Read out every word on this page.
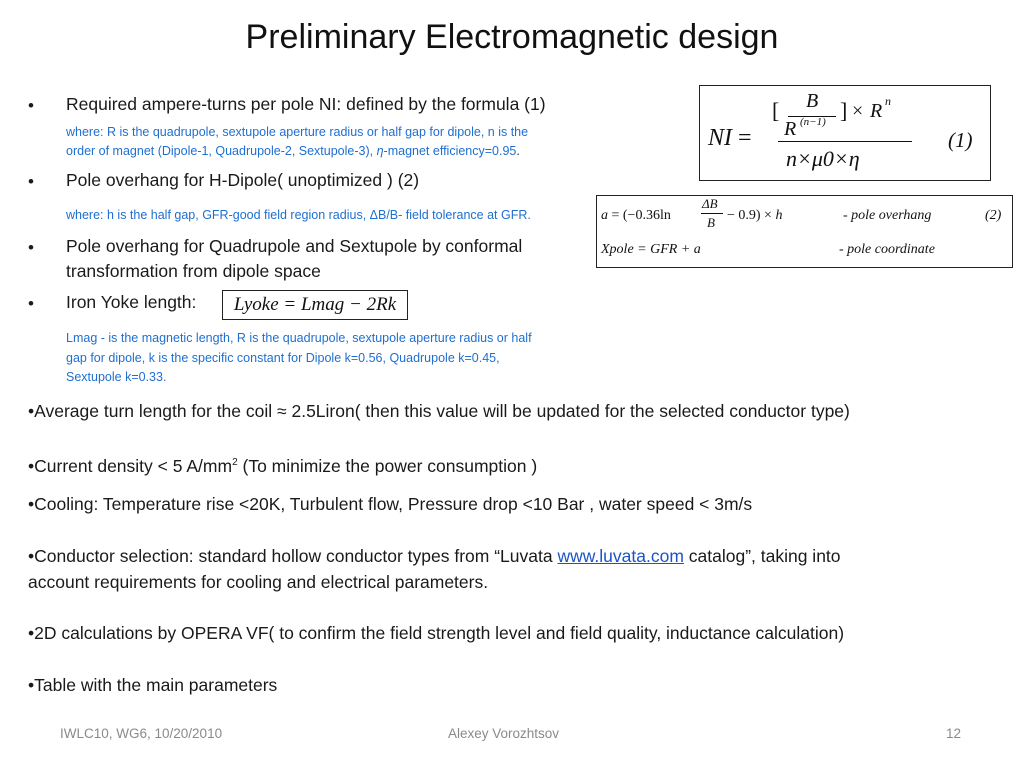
Preliminary Electromagnetic design
• Required ampere-turns per pole NI: defined by the formula (1)
where: R is the quadrupole, sextupole aperture radius or half gap for dipole, n is the
order of magnet (Dipole-1, Quadrupole-2, Sextupole-3), η-magnet efficiency=0.95.
• Pole overhang for H-Dipole( unoptimized ) (2)
where: h is the half gap, GFR-good field region radius, ΔB/B- field tolerance at GFR.
• Pole overhang for Quadrupole and Sextupole by conformal
transformation from dipole space
• Iron Yoke length:	Lyoke = Lmag − 2Rk
Lmag - is the magnetic length, R is the quadrupole, sextupole aperture radius or half
gap for dipole, k is the specific constant for Dipole k=0.56, Quadrupole k=0.45,
Sextupole k=0.33.
NI =
[ B
R (n−1) ] × R n
n×μ0×η
(1)
a = (−0.36ln
ΔB
B − 0.9) × h	- pole overhang	(2)
Xpole = GFR + a	- pole coordinate
•Average turn length for the coil ≈ 2.5Liron( then this value will be updated for the selected conductor type)
•Current density < 5 $A/mm^2$ (To minimize the power consumption )
•Cooling: Temperature rise <20K, Turbulent flow, Pressure drop <10 Bar , water speed < 3m/s
•Conductor selection: standard hollow conductor types from “Luvata www.luvata.com catalog”, taking into
account requirements for cooling and electrical parameters.
•2D calculations by OPERA VF( to confirm the field strength level and field quality, inductance calculation)
•Table with the main parameters
IWLC10, WG6, 10/20/2010	Alexey Vorozhtsov	12
